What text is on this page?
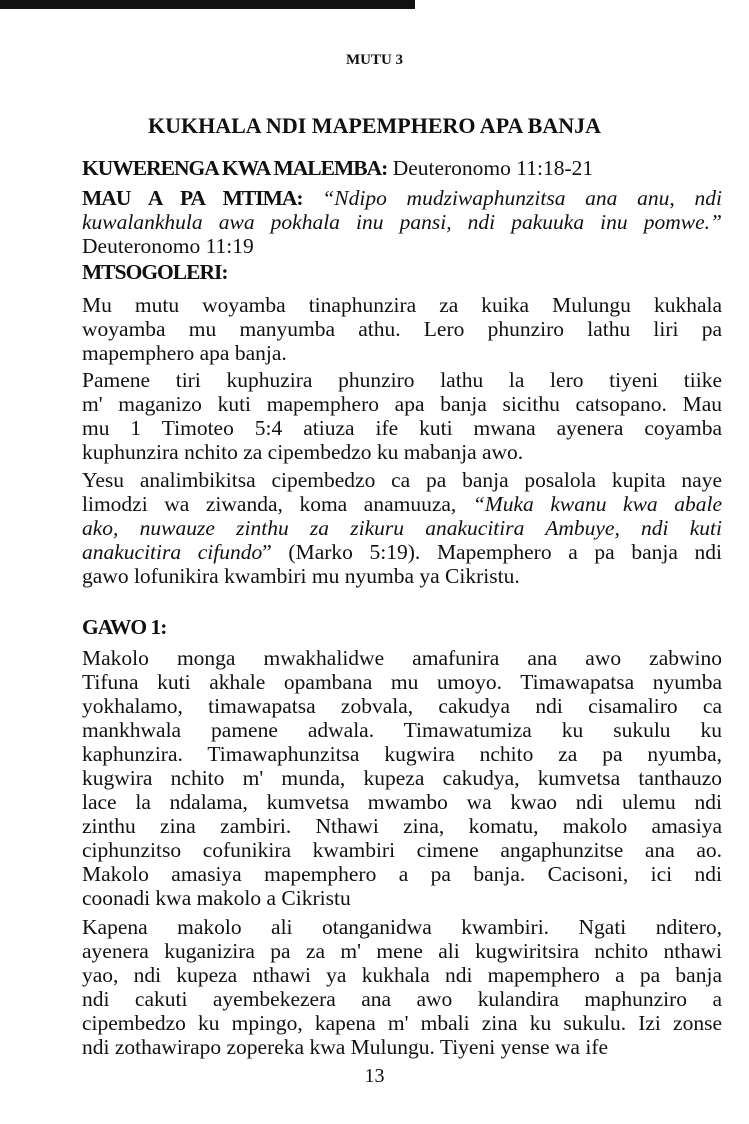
MUTU 3
KUKHALA NDI MAPEMPHERO APA BANJA
KUWERENGA KWA MALEMBA: Deuteronomo 11:18-21
MAU A PA MTIMA: “Ndipo mudziwaphunzitsa ana anu, ndi
kuwalankhula awa pokhala inu pansi, ndi pakuuka inu pomwe.”
Deuteronomo 11:19
MTSOGOLERI:
Mu mutu woyamba tinaphunzira za kuika Mulungu kukhala
woyamba mu manyumba athu. Lero phunziro lathu liri pa
mapemphero apa banja.
Pamene tiri kuphuzira phunziro lathu la lero tiyeni tiike
m' maganizo kuti mapemphero apa banja sicithu catsopano. Mau
mu 1 Timoteo 5:4 atiuza ife kuti mwana ayenera coyamba
kuphunzira nchito za cipembedzo ku mabanja awo.
Yesu analimbikitsa cipembedzo ca pa banja posalola kupita naye
limodzi wa ziwanda, koma anamuuza, “Muka kwanu kwa abale
ako, nuwauze zinthu za zikuru anakucitira Ambuye, ndi kuti
anakucitira cifundo” (Marko 5:19). Mapemphero a pa banja ndi
gawo lofunikira kwambiri mu nyumba ya Cikristu.
GAWO 1:
Makolo monga mwakhalidwe amafunira ana awo zabwino
Tifuna kuti akhale opambana mu umoyo. Timawapatsa nyumba
yokhalamo, timawapatsa zobvala, cakudya ndi cisamaliro ca
mankhwala pamene adwala. Timawatumiza ku sukulu ku
kaphunzira. Timawaphunzitsa kugwira nchito za pa nyumba,
kugwira nchito m' munda, kupeza cakudya, kumvetsa tanthauzo
lace la ndalama, kumvetsa mwambo wa kwao ndi ulemu ndi
zinthu zina zambiri. Nthawi zina, komatu, makolo amasiya
ciphunzitso cofunikira kwambiri cimene angaphunzitse ana ao.
Makolo amasiya mapemphero a pa banja. Cacisoni, ici ndi
coonadi kwa makolo a Cikristu
Kapena makolo ali otanganidwa kwambiri. Ngati nditero,
ayenera kuganizira pa za m' mene ali kugwiritsira nchito nthawi
yao, ndi kupeza nthawi ya kukhala ndi mapemphero a pa banja
ndi cakuti ayembekezera ana awo kulandira maphunziro a
cipembedzo ku mpingo, kapena m' mbali zina ku sukulu. Izi zonse
ndi zothawirapo zopereka kwa Mulungu. Tiyeni yense wa ife
13
